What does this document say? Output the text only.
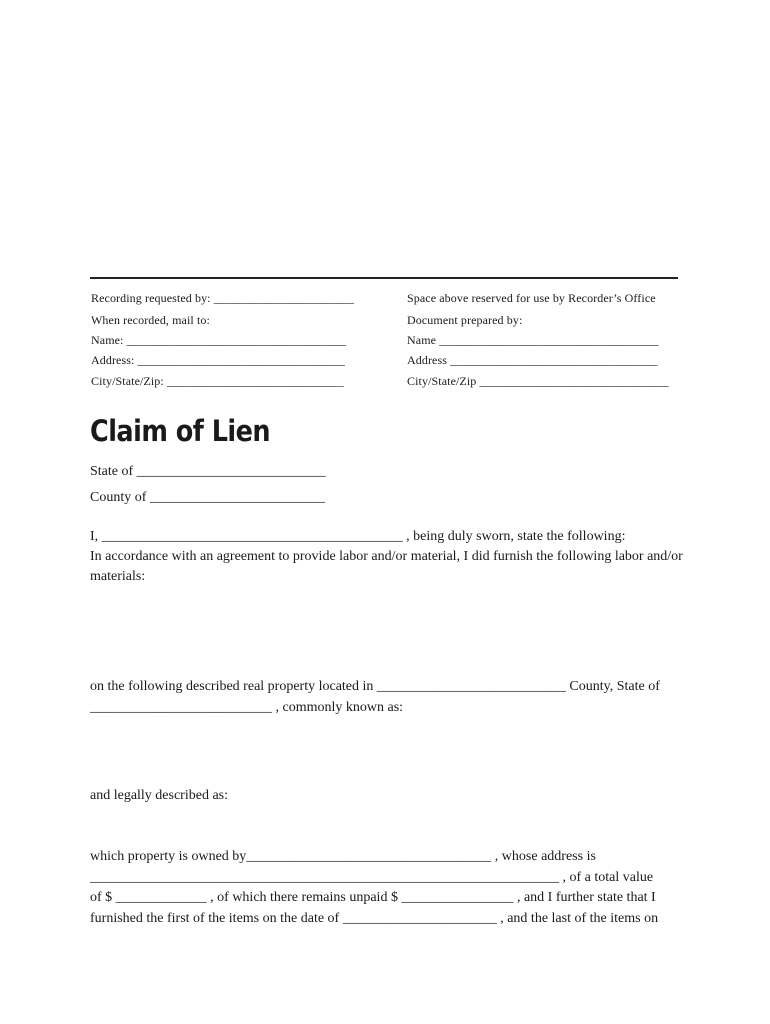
Recording requested by: _______________________
When recorded, mail to:
Name: ____________________________________
Address: __________________________________
City/State/Zip: _____________________________
Space above reserved for use by Recorder’s Office
Document prepared by:
Name ____________________________________
Address __________________________________
City/State/Zip _______________________________
Claim of Lien
State of ___________________________
County of _________________________
I, ___________________________________________ , being duly sworn, state the following:
In accordance with an agreement to provide labor and/or material, I did furnish the following labor and/or
materials:
on the following described real property located in ___________________________ County, State of
__________________________ , commonly known as:
and legally described as:
which property is owned by___________________________________ , whose address is
___________________________________________________________________ , of a total value
of $ _____________ , of which there remains unpaid $ ________________ , and I further state that I
furnished the first of the items on the date of ______________________ , and the last of the items on
